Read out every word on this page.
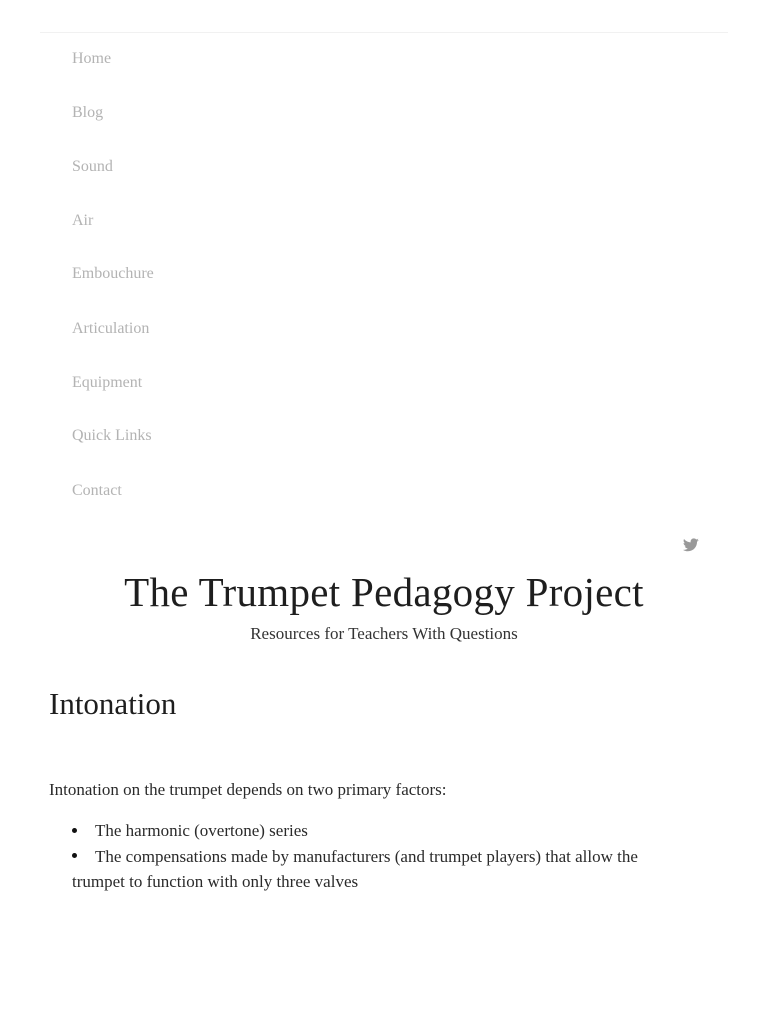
Home
Blog
Sound
Air
Embouchure
Articulation
Equipment
Quick Links
Contact
The Trumpet Pedagogy Project
Resources for Teachers With Questions
Intonation

Intonation on the trumpet depends on two primary factors:

The harmonic (overtone) series
The compensations made by manufacturers (and trumpet players) that allow the trumpet to function with only three valves
